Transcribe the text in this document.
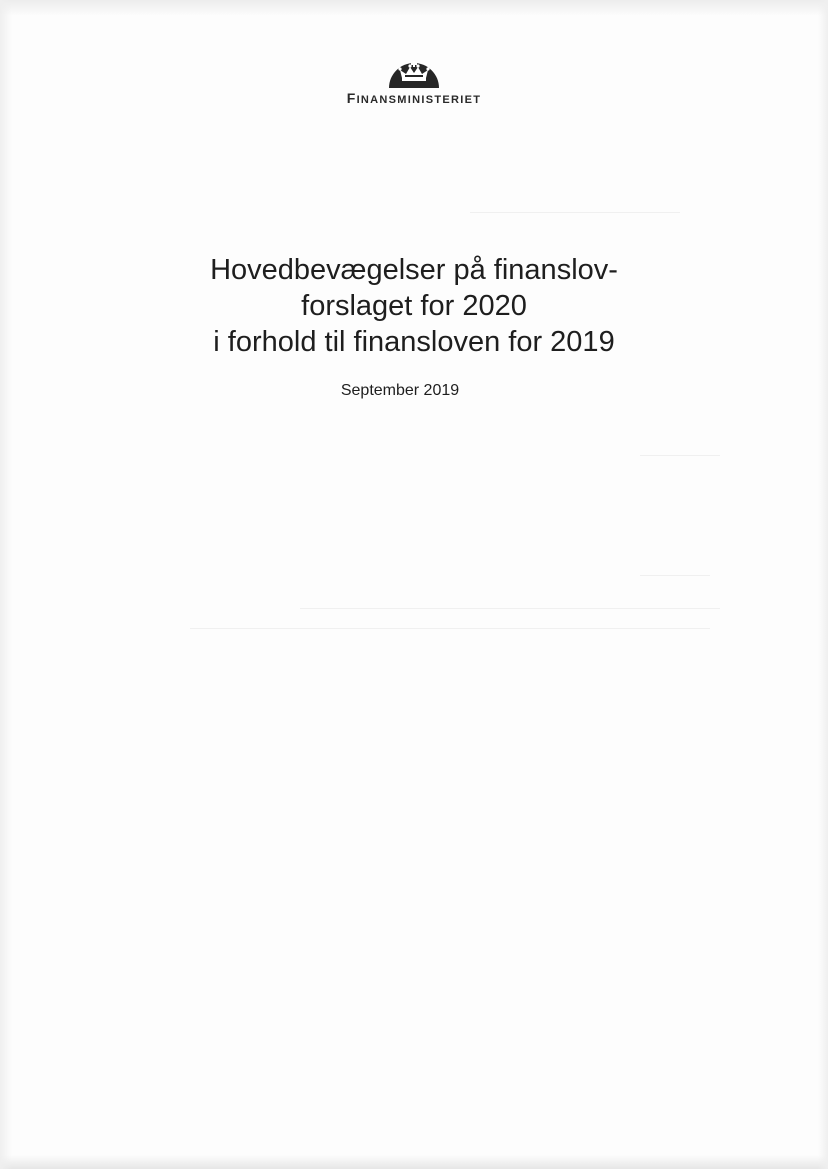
FINANSMINISTERIET
Hovedbevægelser på finanslov-
forslaget for 2020
i forhold til finansloven for 2019
September 2019
